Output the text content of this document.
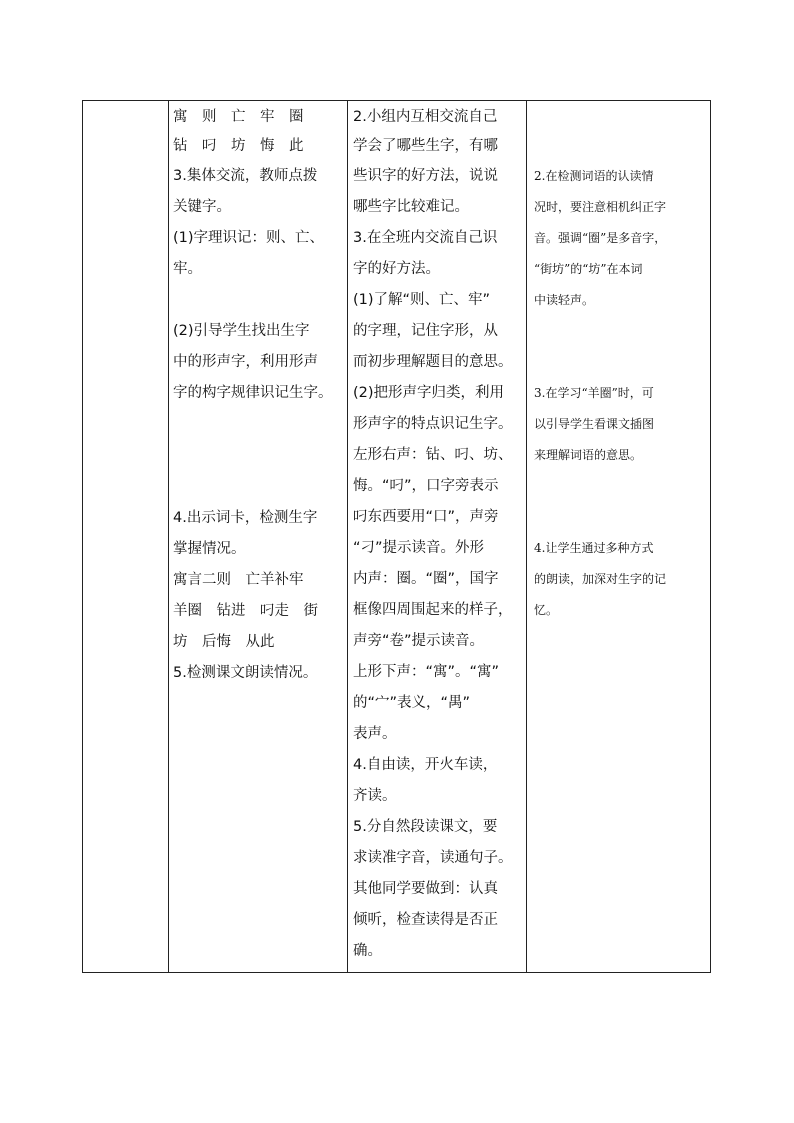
寓　则　亡　牢　圈
钻　叼　坊　悔　此
3.集体交流，教师点拨
关键字。
(1)字理识记：则、亡、
牢。
(2)引导学生找出生字
中的形声字，利用形声
字的构字规律识记生字。
4.出示词卡，检测生字
掌握情况。
寓言二则　亡羊补牢
羊圈　钻进　叼走　街
坊　后悔　从此
5.检测课文朗读情况。
2.小组内互相交流自己
学会了哪些生字，有哪
些识字的好方法，说说
哪些字比较难记。
3.在全班内交流自己识
字的好方法。
(1)了解“则、亡、牢”
的字理，记住字形，从
而初步理解题目的意思。
(2)把形声字归类，利用
形声字的特点识记生字。
左形右声：钻、叼、坊、
悔。“叼”，口字旁表示
叼东西要用“口”，声旁
“刁”提示读音。外形
内声：圈。“圈”，国字
框像四周围起来的样子，
声旁“卷”提示读音。
上形下声：“寓”。“寓”
的“宀”表义，“禺”
表声。
4.自由读，开火车读，
齐读。
5.分自然段读课文，要
求读准字音，读通句子。
其他同学要做到：认真
倾听，检查读得是否正
确。
2.在检测词语的认读情
况时，要注意相机纠正字
音。强调“圈”是多音字，
“街坊”的“坊”在本词
中读轻声。
3.在学习“羊圈”时，可
以引导学生看课文插图
来理解词语的意思。
4.让学生通过多种方式
的朗读，加深对生字的记
忆。
